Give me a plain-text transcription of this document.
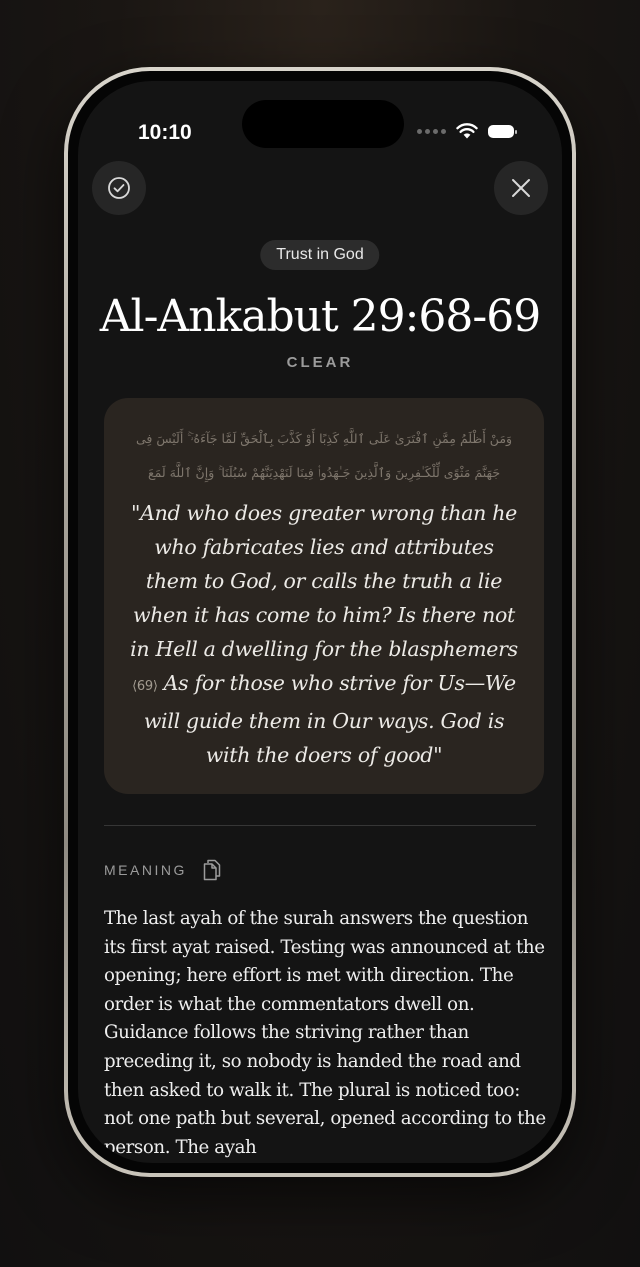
10:10
Trust in God
Al-Ankabut 29:68-69
CLEAR
وَمَنْ أَظْلَمُ مِمَّنِ ٱفْتَرَىٰ عَلَى ٱللَّهِ كَذِبًا أَوْ كَذَّبَ بِٱلْحَقِّ لَمَّا جَآءَهُۥٓ ۚ أَلَيْسَ فِى جَهَنَّمَ مَثْوًى لِّلْكَـٰفِرِينَ وَٱلَّذِينَ جَـٰهَدُوا۟ فِينَا لَنَهْدِيَنَّهُمْ سُبُلَنَا ۚ وَإِنَّ ٱللَّهَ لَمَعَ
"And who does greater wrong than he who fabricates lies and attributes them to God, or calls the truth a lie when it has come to him? Is there not in Hell a dwelling for the blasphemers ⟨69⟩ As for those who strive for Us—We will guide them in Our ways. God is with the doers of good"
MEANING
The last ayah of the surah answers the question its first ayat raised. Testing was announced at the opening; here effort is met with direction. The order is what the commentators dwell on. Guidance follows the striving rather than preceding it, so nobody is handed the road and then asked to walk it. The plural is noticed too: not one path but several, opened according to the person. The ayah
